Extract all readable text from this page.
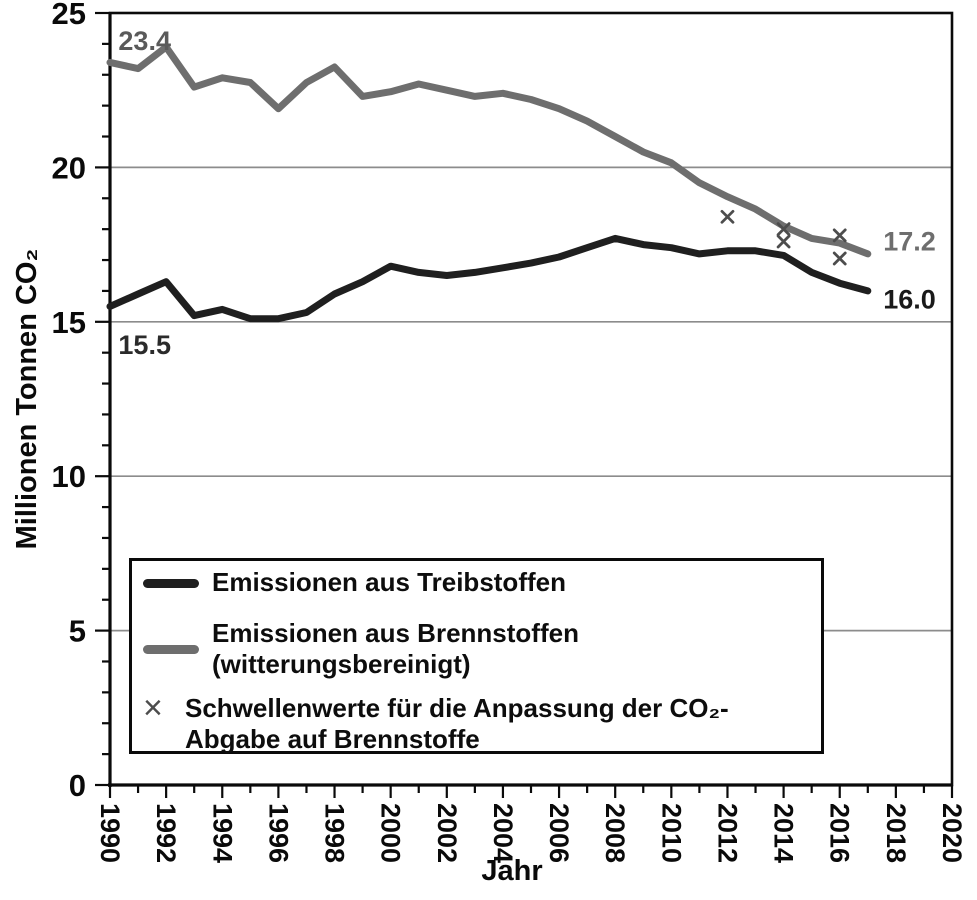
0
5
10
15
20
25
1990 1992 1994 1996 1998 2000 2002 2004 2006 2008 2010 2012 2014 2016 2018 2020
Jahr
Millionen Tonnen CO₂
23.4
15.5
17.2
16.0
Emissionen aus Treibstoffen
Emissionen aus Brennstoffen (witterungsbereinigt)
× Schwellenwerte für die Anpassung der CO₂-Abgabe auf Brennstoffe
